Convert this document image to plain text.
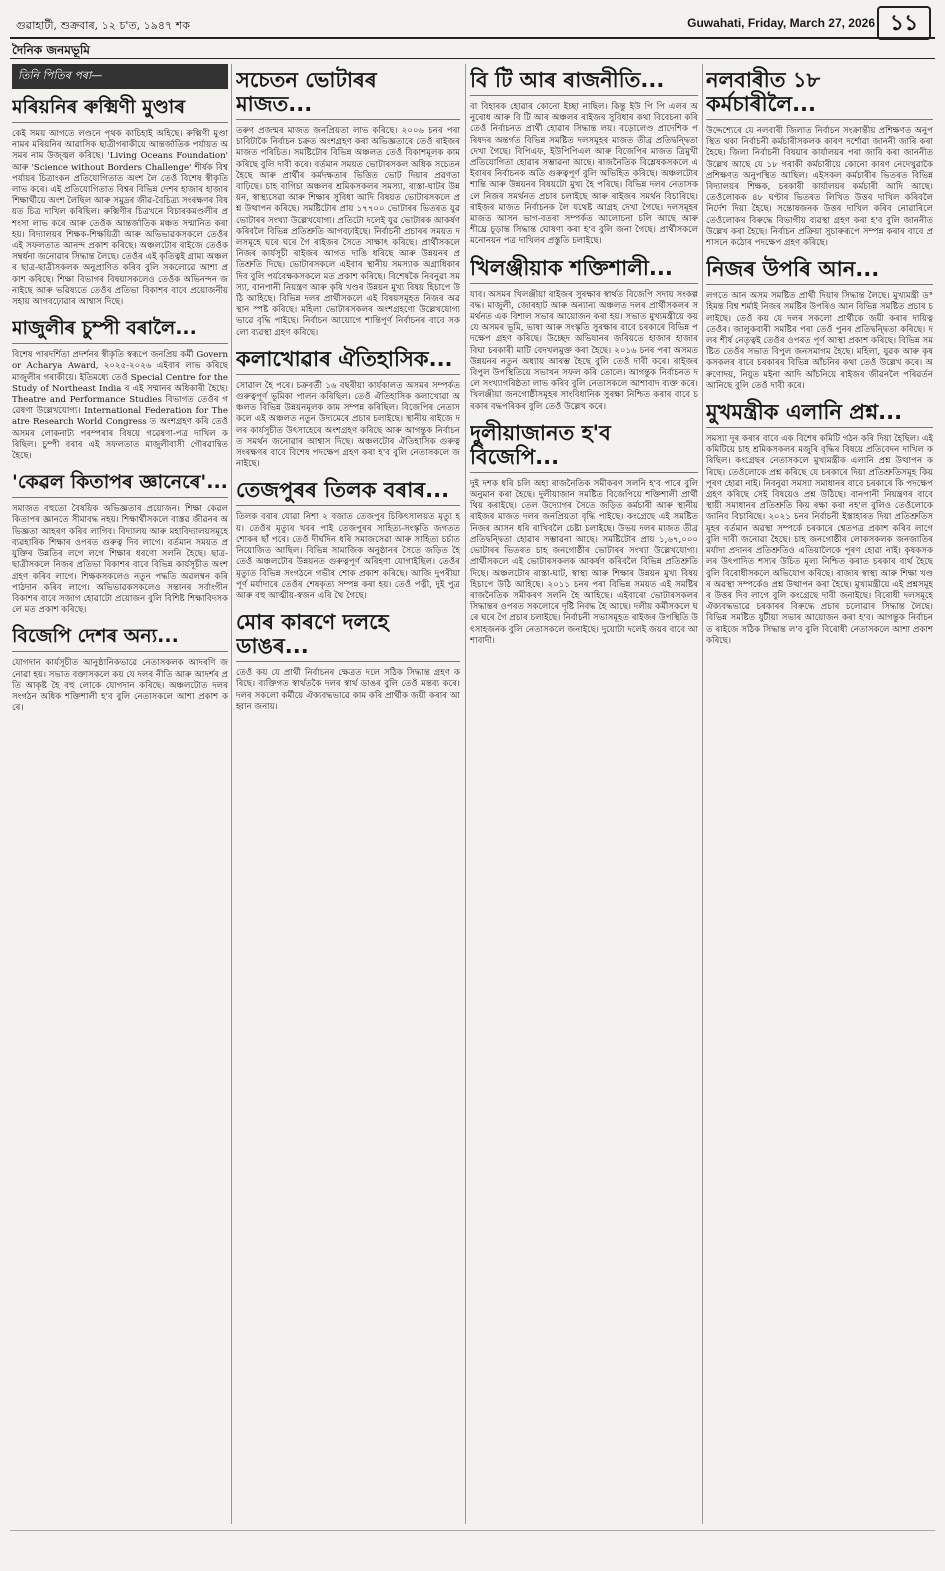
গুৱাহাটী, শুক্ৰবাৰ, ১২ চ'ত, ১৯৪৭ শক	Guwahati, Friday, March 27, 2026 ১১
দৈনিক জনমভূমি
তিনি পিতিৰ পৰা—
মৰিয়নিৰ ৰুক্মিণী মুণ্ডাৰ

কেই সময় আগতে লণ্ডনে পৃথক কাচিহাই অহিছে। ৰুক্মিণী মুণ্ডা নামৰ মৰিয়নিৰ আৱাসিক ছাত্ৰীগৰাকীয়ে আন্তৰ্জাতিক পৰ্যায়ত অসমৰ নাম উজ্জ্বল কৰিছে। 'Living Oceans Foundation' আৰু 'Science without Borders Challenge' শীৰ্ষক বিশ্ব পৰ্যায়ৰ চিত্ৰাংকন প্ৰতিযোগিতাত অংশ লৈ তেওঁ বিশেষ স্বীকৃতি লাভ কৰে। এই প্ৰতিযোগিতাত বিশ্বৰ বিভিন্ন দেশৰ হাজাৰ হাজাৰ শিক্ষাৰ্থীয়ে অংশ লৈছিল আৰু সমুদ্ৰৰ জীৱ-বৈচিত্ৰ্য সংৰক্ষণৰ বিষয়ত চিত্ৰ দাখিল কৰিছিল। ৰুক্মিণীৰ চিত্ৰখনে বিচাৰকমণ্ডলীৰ প্ৰশংসা লাভ কৰে আৰু তেওঁক আন্তৰ্জাতিক মঞ্চত সন্মানিত কৰা হয়। বিদ্যালয়ৰ শিক্ষক-শিক্ষয়িত্ৰী আৰু অভিভাৱকসকলে তেওঁৰ এই সফলতাত আনন্দ প্ৰকাশ কৰিছে। অঞ্চলটোৰ ৰাইজে তেওঁক সম্বৰ্ধনা জনোৱাৰ সিদ্ধান্ত লৈছে। তেওঁৰ এই কৃতিত্বই গ্ৰাম্য অঞ্চলৰ ছাত্ৰ-ছাত্ৰীসকলক অনুপ্ৰাণিত কৰিব বুলি সকলোৱে আশা প্ৰকাশ কৰিছে। শিক্ষা বিভাগৰ বিষয়াসকলেও তেওঁক অভিনন্দন জনাইছে আৰু ভৱিষ্যতে তেওঁৰ প্ৰতিভা বিকাশৰ বাবে প্ৰয়োজনীয় সহায় আগবঢ়োৱাৰ আশ্বাস দিছে।

মাজুলীৰ চুম্পী বৰালৈ...

বিশেষ পাৰদৰ্শিতা প্ৰদৰ্শনৰ স্বীকৃতি স্বৰূপে জনপ্ৰিয় কৰ্মী Governor Acharya Award, ২০২৫-২০২৬ এইবাৰ লাভ কৰিছে মাজুলীৰ গৰাকীয়ে। ইতিমধ্যে তেওঁ Special Centre for the Study of Northeast India ৰ এই সম্মানৰ অধিকাৰী হৈছে। Theatre and Performance Studies বিভাগত তেওঁৰ গৱেষণা উল্লেখযোগ্য। International Federation for Theatre Research World Congress ত অংশগ্ৰহণ কৰি তেওঁ অসমৰ লোকনাট্য পৰম্পৰাৰ বিষয়ে গৱেষণা-পত্ৰ দাখিল কৰিছিল। চুম্পী বৰাৰ এই সফলতাত মাজুলীবাসী গৌৰৱান্বিত হৈছে।

'কেৱল কিতাপৰ জ্ঞানেৰে'...

সমাজত বহুতো বৈষয়িক অভিজ্ঞতাৰ প্ৰয়োজন। শিক্ষা কেৱল কিতাপৰ জ্ঞানতে সীমাবদ্ধ নহয়। শিক্ষাৰ্থীসকলে বাস্তৱ জীৱনৰ অভিজ্ঞতা আহৰণ কৰিব লাগিব। বিদ্যালয় আৰু মহাবিদ্যালয়সমূহে ব্যৱহাৰিক শিক্ষাৰ ওপৰত গুৰুত্ব দিব লাগে। বৰ্তমান সময়ত প্ৰযুক্তিৰ উন্নতিৰ লগে লগে শিক্ষাৰ ধৰণো সলনি হৈছে। ছাত্ৰ-ছাত্ৰীসকলে নিজৰ প্ৰতিভা বিকাশৰ বাবে বিভিন্ন কাৰ্যসূচীত অংশগ্ৰহণ কৰিব লাগে। শিক্ষকসকলেও নতুন পদ্ধতি অৱলম্বন কৰি পাঠদান কৰিব লাগে। অভিভাৱকসকলেও সন্তানৰ সৰ্বাংগীন বিকাশৰ বাবে সজাগ হোৱাটো প্ৰয়োজন বুলি বিশিষ্ট শিক্ষাবিদসকলে মত প্ৰকাশ কৰিছে।

বিজেপি দেশৰ অন্য...

যোগদান কাৰ্যসূচীত আনুষ্ঠানিকভাৱে নেতাসকলক আদৰণি জনোৱা হয়। সভাত বক্তাসকলে কয় যে দলৰ নীতি আৰু আদৰ্শৰ প্ৰতি আকৃষ্ট হৈ বহু লোকে যোগদান কৰিছে। অঞ্চলটোত দলৰ সংগঠন অধিক শক্তিশালী হ'ব বুলি নেতাসকলে আশা প্ৰকাশ কৰে।

সচেতন ভোটাৰৰ মাজত...

তৰুণ প্ৰজন্মৰ মাজত জনপ্ৰিয়তা লাভ কৰিছে। ২০০৬ চনৰ পৰা চাবিটাকৈ নিৰ্বাচন চক্ৰত অংশগ্ৰহণ কৰা অভিজ্ঞতাৰে তেওঁ ৰাইজৰ মাজত পৰিচিত। সমষ্টিটোৰ বিভিন্ন অঞ্চলত তেওঁ বিকাশমূলক কাম কৰিছে বুলি দাবী কৰে। বৰ্তমান সময়ত ভোটাৰসকল অধিক সচেতন হৈছে আৰু প্ৰাৰ্থীৰ কৰ্মদক্ষতাৰ ভিত্তিত ভোট দিয়াৰ প্ৰৱণতা বাঢ়িছে। চাহ বাগিচা অঞ্চলৰ শ্ৰমিকসকলৰ সমস্যা, ৰাস্তা-ঘাটৰ উন্নয়ন, স্বাস্থ্যসেৱা আৰু শিক্ষাৰ সুবিধা আদি বিষয়ত ভোটাৰসকলে প্ৰশ্ন উত্থাপন কৰিছে। সমষ্টিটোৰ প্ৰায় ১৭৭০০ ভোটাৰৰ ভিতৰত যুৱ ভোটাৰৰ সংখ্যা উল্লেখযোগ্য। প্ৰতিটো দলেই যুৱ ভোটাৰক আকৰ্ষণ কৰিবলৈ বিভিন্ন প্ৰতিশ্ৰুতি আগবঢ়াইছে। নিৰ্বাচনী প্ৰচাৰৰ সময়ত দলসমূহে ঘৰে ঘৰে গৈ ৰাইজৰ সৈতে সাক্ষাৎ কৰিছে। প্ৰাৰ্থীসকলে নিজৰ কাৰ্যসূচী ৰাইজৰ আগত দাঙি ধৰিছে আৰু উন্নয়নৰ প্ৰতিশ্ৰুতি দিছে। ভোটাৰসকলে এইবাৰ স্থানীয় সমস্যাক অগ্ৰাধিকাৰ দিব বুলি পৰ্যবেক্ষকসকলে মত প্ৰকাশ কৰিছে। বিশেষকৈ নিবনুৱা সমস্যা, বানপানী নিয়ন্ত্ৰণ আৰু কৃষি খণ্ডৰ উন্নয়ন মুখ্য বিষয় হিচাপে উঠি আহিছে। বিভিন্ন দলৰ প্ৰাৰ্থীসকলে এই বিষয়সমূহত নিজৰ অৱস্থান স্পষ্ট কৰিছে। মহিলা ভোটাৰসকলৰ অংশগ্ৰহণো উল্লেখযোগ্যভাৱে বৃদ্ধি পাইছে। নিৰ্বাচন আয়োগে শান্তিপূৰ্ণ নিৰ্বাচনৰ বাবে সকলো ব্যৱস্থা গ্ৰহণ কৰিছে।

কলাখোৱাৰ ঐতিহাসিক...

সোৱাল হৈ পৰে। চক্ৰবৰ্তী ১৬ বছৰীয়া কাৰ্যকালত অসমৰ সম্পৰ্কত গুৰুত্বপূৰ্ণ ভূমিকা পালন কৰিছিল। তেওঁ ঐতিহাসিক কলাখোৱা অঞ্চলত বিভিন্ন উন্নয়নমূলক কাম সম্পন্ন কৰিছিল। বিজেপিৰ নেতাসকলে এই অঞ্চলত নতুন উদ্যমেৰে প্ৰচাৰ চলাইছে। স্থানীয় ৰাইজে দলৰ কাৰ্যসূচীত উৎসাহেৰে অংশগ্ৰহণ কৰিছে আৰু আগন্তুক নিৰ্বাচনত সমৰ্থন জনোৱাৰ আশ্বাস দিছে। অঞ্চলটোৰ ঐতিহাসিক গুৰুত্ব সংৰক্ষণৰ বাবে বিশেষ পদক্ষেপ গ্ৰহণ কৰা হ'ব বুলি নেতাসকলে জনাইছে।

তেজপুৰৰ তিলক বৰাৰ...

তিলক বৰাৰ যোৱা নিশা ২ বজাত তেজপুৰ চিকিৎসালয়ত মৃত্যু হয়। তেওঁৰ মৃত্যুৰ খবৰ পাই তেজপুৰৰ সাহিত্য-সংস্কৃতি জগতত শোকৰ ছাঁ পৰে। তেওঁ দীৰ্ঘদিন ধৰি সমাজসেৱা আৰু সাহিত্য চৰ্চাত নিয়োজিত আছিল। বিভিন্ন সামাজিক অনুষ্ঠানৰ সৈতে জড়িত হৈ তেওঁ অঞ্চলটোৰ উন্নয়নত গুৰুত্বপূৰ্ণ অৰিহণা যোগাইছিল। তেওঁৰ মৃত্যুত বিভিন্ন সংগঠনে গভীৰ শোক প্ৰকাশ কৰিছে। আজি দুপৰীয়া পূৰ্ণ মৰ্যাদাৰে তেওঁৰ শেষকৃত্য সম্পন্ন কৰা হয়। তেওঁ পত্নী, দুই পুত্ৰ আৰু বহু আত্মীয়-স্বজন এৰি থৈ গৈছে।

মোৰ কাৰণে দলহে ডাঙৰ...

তেওঁ কয় যে প্ৰাৰ্থী নিৰ্বাচনৰ ক্ষেত্ৰত দলে সঠিক সিদ্ধান্ত গ্ৰহণ কৰিছে। ব্যক্তিগত স্বাৰ্থতকৈ দলৰ স্বাৰ্থ ডাঙৰ বুলি তেওঁ মন্তব্য কৰে। দলৰ সকলো কৰ্মীয়ে ঐক্যবদ্ধভাৱে কাম কৰি প্ৰাৰ্থীক জয়ী কৰাৰ আহ্বান জনায়।

বি টি আৰ ৰাজনীতি...

বা বিহাৰক হোৱাৰ কোনো ইচ্ছা নাছিল। কিন্তু ইউ পি পি এলৰ অনুৰোধ আৰু বি টি আৰ অঞ্চলৰ ৰাইজৰ সুবিধাৰ কথা বিবেচনা কৰি তেওঁ নিৰ্বাচনত প্ৰাৰ্থী হোৱাৰ সিদ্ধান্ত লয়। বড়োলেণ্ড প্ৰাদেশিক পৰিষদৰ অন্তৰ্গত বিভিন্ন সমষ্টিত দলসমূহৰ মাজত তীব্ৰ প্ৰতিদ্বন্দ্বিতা দেখা গৈছে। বিপিএফ, ইউপিপিএল আৰু বিজেপিৰ মাজত ত্ৰিমুখী প্ৰতিযোগিতা হোৱাৰ সম্ভাৱনা আছে। ৰাজনৈতিক বিশ্লেষকসকলে এইবাৰৰ নিৰ্বাচনক অতি গুৰুত্বপূৰ্ণ বুলি অভিহিত কৰিছে। অঞ্চলটোৰ শান্তি আৰু উন্নয়নৰ বিষয়টো মুখ্য হৈ পৰিছে। বিভিন্ন দলৰ নেতাসকলে নিজৰ সমৰ্থনত প্ৰচাৰ চলাইছে আৰু ৰাইজৰ সমৰ্থন বিচাৰিছে। ৰাইজৰ মাজত নিৰ্বাচনক লৈ যথেষ্ট আগ্ৰহ দেখা গৈছে। দলসমূহৰ মাজত আসন ভাগ-বতৰা সম্পৰ্কত আলোচনা চলি আছে আৰু শীঘ্ৰে চূড়ান্ত সিদ্ধান্ত ঘোষণা কৰা হ'ব বুলি জনা গৈছে। প্ৰাৰ্থীসকলে মনোনয়ন পত্ৰ দাখিলৰ প্ৰস্তুতি চলাইছে।

খিলঞ্জীয়াক শক্তিশালী...

যাব। অসমৰ খিলঞ্জীয়া ৰাইজৰ সুৰক্ষাৰ স্বাৰ্থত বিজেপি সদায় সংকল্পবদ্ধ। মাজুলী, জোৰহাট আৰু অন্যান্য অঞ্চলত দলৰ প্ৰাৰ্থীসকলৰ সমৰ্থনত এক বিশাল সভাৰ আয়োজন কৰা হয়। সভাত মুখ্যমন্ত্ৰীয়ে কয় যে অসমৰ ভূমি, ভাষা আৰু সংস্কৃতি সুৰক্ষাৰ বাবে চৰকাৰে বিভিন্ন পদক্ষেপ গ্ৰহণ কৰিছে। উচ্ছেদ অভিযানৰ জৰিয়তে হাজাৰ হাজাৰ বিঘা চৰকাৰী মাটি বেদখলমুক্ত কৰা হৈছে। ২০১৬ চনৰ পৰা অসমত উন্নয়নৰ নতুন অধ্যায় আৰম্ভ হৈছে বুলি তেওঁ দাবী কৰে। ৰাইজৰ বিপুল উপস্থিতিয়ে সভাখন সফল কৰি তোলে। আগন্তুক নিৰ্বাচনত দলে সংখ্যাগৰিষ্ঠতা লাভ কৰিব বুলি নেতাসকলে আশাবাদ ব্যক্ত কৰে। খিলঞ্জীয়া জনগোষ্ঠীসমূহৰ সাংবিধানিক সুৰক্ষা নিশ্চিত কৰাৰ বাবে চৰকাৰ বদ্ধপৰিকৰ বুলি তেওঁ উল্লেখ কৰে।

দুলীয়াজানত হ'ব বিজেপি...

দুই দশক ধৰি চলি অহা ৰাজনৈতিক সমীকৰণ সলনি হ'ব পাৰে বুলি অনুমান কৰা হৈছে। দুলীয়াজান সমষ্টিত বিজেপিয়ে শক্তিশালী প্ৰাৰ্থী থিয় কৰাইছে। তেল উদ্যোগৰ সৈতে জড়িত কৰ্মচাৰী আৰু স্থানীয় ৰাইজৰ মাজত দলৰ জনপ্ৰিয়তা বৃদ্ধি পাইছে। কংগ্ৰেছে এই সমষ্টিত নিজৰ আসন ধৰি ৰাখিবলৈ চেষ্টা চলাইছে। উভয় দলৰ মাজত তীব্ৰ প্ৰতিদ্বন্দ্বিতা হোৱাৰ সম্ভাৱনা আছে। সমষ্টিটোৰ প্ৰায় ১,৬৭,০০০ ভোটাৰৰ ভিতৰত চাহ জনগোষ্ঠীৰ ভোটাৰৰ সংখ্যা উল্লেখযোগ্য। প্ৰাৰ্থীসকলে এই ভোটাৰসকলক আকৰ্ষণ কৰিবলৈ বিভিন্ন প্ৰতিশ্ৰুতি দিছে। অঞ্চলটোৰ ৰাস্তা-ঘাট, স্বাস্থ্য আৰু শিক্ষাৰ উন্নয়ন মুখ্য বিষয় হিচাপে উঠি আহিছে। ২০১১ চনৰ পৰা বিভিন্ন সময়ত এই সমষ্টিৰ ৰাজনৈতিক সমীকৰণ সলনি হৈ আহিছে। এইবাৰো ভোটাৰসকলৰ সিদ্ধান্তৰ ওপৰত সকলোৰে দৃষ্টি নিবদ্ধ হৈ আছে। দলীয় কৰ্মীসকলে ঘৰে ঘৰে গৈ প্ৰচাৰ চলাইছে। নিৰ্বাচনী সভাসমূহত ৰাইজৰ উপস্থিতি উৎসাহজনক বুলি নেতাসকলে জনাইছে। দুয়োটা দলেই জয়ৰ বাবে আশাবাদী।

নলবাৰীত ১৮ কৰ্মচাৰীলৈ...

উদ্দেশ্যেৰে যে নলবাৰী জিলাত নিৰ্বাচন সংক্ৰান্তীয় প্ৰশিক্ষণত অনুপস্থিত থকা নিৰ্বাচনী কৰ্মচাৰীসকলক কাৰণ দৰ্শোৱা জাননী জাৰি কৰা হৈছে। জিলা নিৰ্বাচনী বিষয়াৰ কাৰ্যালয়ৰ পৰা জাৰি কৰা জাননীত উল্লেখ আছে যে ১৮ গৰাকী কৰ্মচাৰীয়ে কোনো কাৰণ নেদেখুৱাকৈ প্ৰশিক্ষণত অনুপস্থিত আছিল। এইসকল কৰ্মচাৰীৰ ভিতৰত বিভিন্ন বিদ্যালয়ৰ শিক্ষক, চৰকাৰী কাৰ্যালয়ৰ কৰ্মচাৰী আদি আছে। তেওঁলোকক ৪৮ ঘণ্টাৰ ভিতৰত লিখিত উত্তৰ দাখিল কৰিবলৈ নিৰ্দেশ দিয়া হৈছে। সন্তোষজনক উত্তৰ দাখিল কৰিব নোৱাৰিলে তেওঁলোকৰ বিৰুদ্ধে বিভাগীয় ব্যৱস্থা গ্ৰহণ কৰা হ'ব বুলি জাননীত উল্লেখ কৰা হৈছে। নিৰ্বাচন প্ৰক্ৰিয়া সুচাৰুৰূপে সম্পন্ন কৰাৰ বাবে প্ৰশাসনে কঠোৰ পদক্ষেপ গ্ৰহণ কৰিছে।

নিজৰ উপৰি আন...

লগতে আন অসম সমষ্টিত প্ৰাৰ্থী দিয়াৰ সিদ্ধান্ত লৈছে। মুখ্যমন্ত্ৰী ড° হিমন্ত বিশ্ব শৰ্মাই নিজৰ সমষ্টিৰ উপৰিও আন বিভিন্ন সমষ্টিত প্ৰচাৰ চলাইছে। তেওঁ কয় যে দলৰ সকলো প্ৰাৰ্থীকে জয়ী কৰাৰ দায়িত্ব তেওঁৰ। জালুকবাৰী সমষ্টিৰ পৰা তেওঁ পুনৰ প্ৰতিদ্বন্দ্বিতা কৰিছে। দলৰ শীৰ্ষ নেতৃত্বই তেওঁৰ ওপৰত পূৰ্ণ আস্থা প্ৰকাশ কৰিছে। বিভিন্ন সমষ্টিত তেওঁৰ সভাত বিপুল জনসমাগম হৈছে। মহিলা, যুৱক আৰু কৃষকসকলৰ বাবে চৰকাৰৰ বিভিন্ন আঁচনিৰ কথা তেওঁ উল্লেখ কৰে। অৰুণোদয়, নিযুত মইনা আদি আঁচনিয়ে ৰাইজৰ জীৱনলৈ পৰিৱৰ্তন আনিছে বুলি তেওঁ দাবী কৰে।

মুখমন্ত্ৰীক এলানি প্ৰশ্ন...

সমস্যা দূৰ কৰাৰ বাবে এক বিশেষ কমিটি গঠন কৰি দিয়া হৈছিল। এই কমিটিয়ে চাহ শ্ৰমিকসকলৰ মজুৰি বৃদ্ধিৰ বিষয়ে প্ৰতিবেদন দাখিল কৰিছিল। কংগ্ৰেছৰ নেতাসকলে মুখ্যমন্ত্ৰীক এলানি প্ৰশ্ন উত্থাপন কৰিছে। তেওঁলোকে প্ৰশ্ন কৰিছে যে চৰকাৰে দিয়া প্ৰতিশ্ৰুতিসমূহ কিয় পূৰণ হোৱা নাই। নিবনুৱা সমস্যা সমাধানৰ বাবে চৰকাৰে কি পদক্ষেপ গ্ৰহণ কৰিছে সেই বিষয়েও প্ৰশ্ন উঠিছে। বানপানী নিয়ন্ত্ৰণৰ বাবে স্থায়ী সমাধানৰ প্ৰতিশ্ৰুতি কিয় ৰক্ষা কৰা নহ'ল বুলিও তেওঁলোকে জানিব বিচাৰিছে। ২০২১ চনৰ নিৰ্বাচনী ইস্তাহাৰত দিয়া প্ৰতিশ্ৰুতিসমূহৰ বৰ্তমান অৱস্থা সম্পৰ্কে চৰকাৰে শ্বেতপত্ৰ প্ৰকাশ কৰিব লাগে বুলি দাবী জনোৱা হৈছে। চাহ জনগোষ্ঠীৰ লোকসকলক জনজাতিৰ মৰ্যাদা প্ৰদানৰ প্ৰতিশ্ৰুতিও এতিয়ালৈকে পূৰণ হোৱা নাই। কৃষকসকলৰ উৎপাদিত শস্যৰ উচিত মূল্য নিশ্চিত কৰাত চৰকাৰ ব্যৰ্থ হৈছে বুলি বিৰোধীসকলে অভিযোগ কৰিছে। ৰাজ্যৰ স্বাস্থ্য আৰু শিক্ষা খণ্ডৰ অৱস্থা সম্পৰ্কেও প্ৰশ্ন উত্থাপন কৰা হৈছে। মুখ্যমন্ত্ৰীয়ে এই প্ৰশ্নসমূহৰ উত্তৰ দিব লাগে বুলি কংগ্ৰেছে দাবী জনাইছে। বিৰোধী দলসমূহে ঐক্যবদ্ধভাৱে চৰকাৰৰ বিৰুদ্ধে প্ৰচাৰ চলোৱাৰ সিদ্ধান্ত লৈছে। বিভিন্ন সমষ্টিত যুটীয়া সভাৰ আয়োজন কৰা হ'ব। আগন্তুক নিৰ্বাচনত ৰাইজে সঠিক সিদ্ধান্ত ল'ব বুলি বিৰোধী নেতাসকলে আশা প্ৰকাশ কৰিছে।
